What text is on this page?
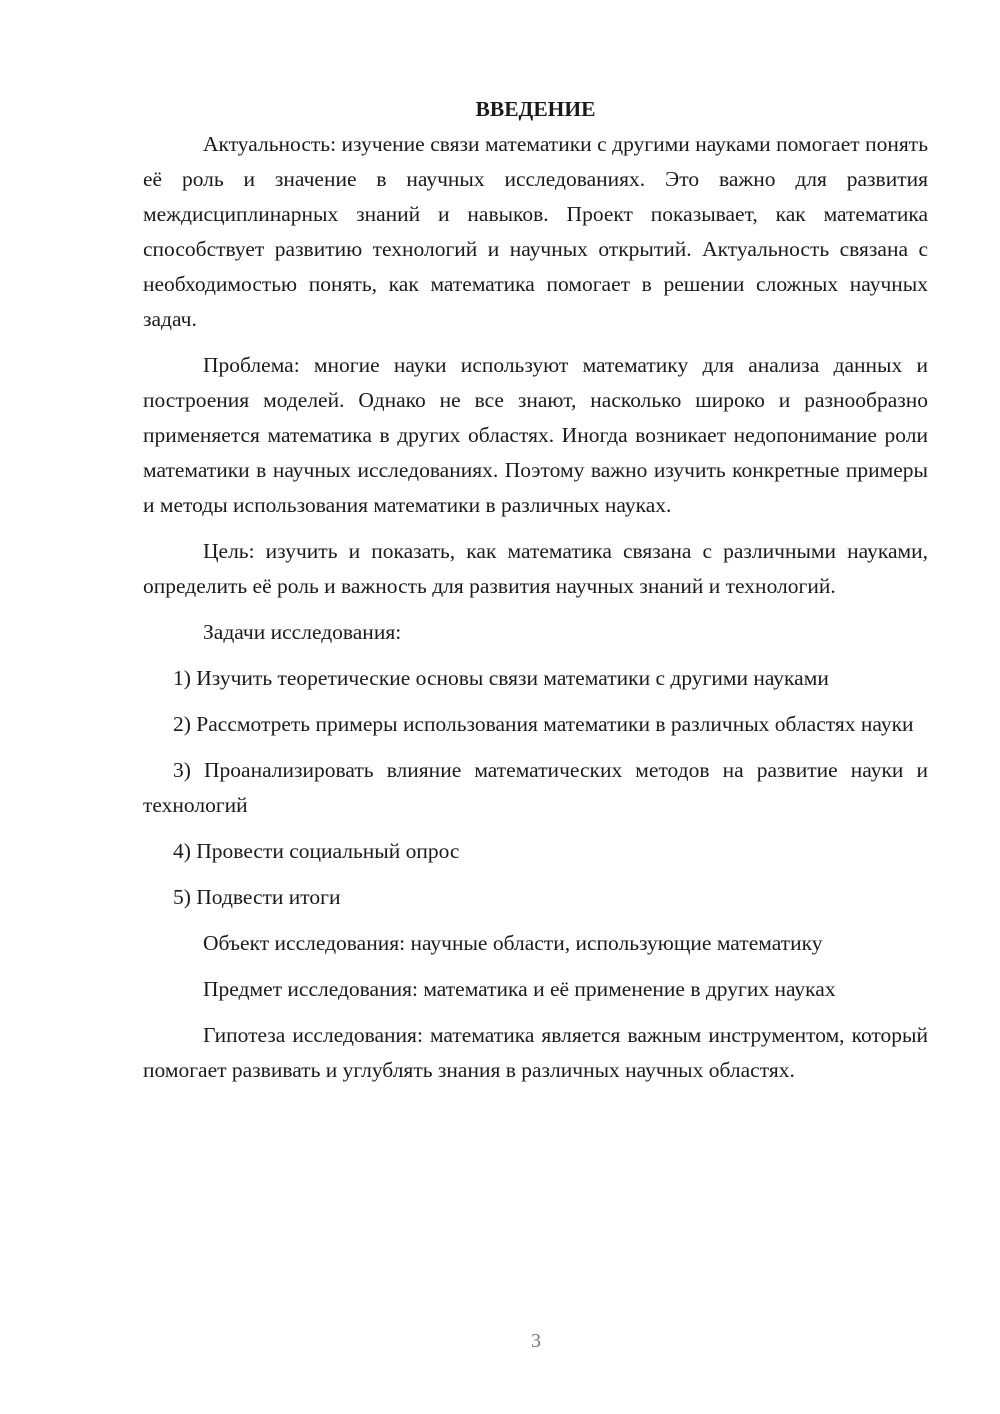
ВВЕДЕНИЕ

Актуальность: изучение связи математики с другими науками помогает понять её роль и значение в научных исследованиях. Это важно для развития междисциплинарных знаний и навыков. Проект показывает, как математика способствует развитию технологий и научных открытий. Актуальность связана с необходимостью понять, как математика помогает в решении сложных научных задач.

Проблема: многие науки используют математику для анализа данных и построения моделей. Однако не все знают, насколько широко и разнообразно применяется математика в других областях. Иногда возникает недопонимание роли математики в научных исследованиях. Поэтому важно изучить конкретные примеры и методы использования математики в различных науках.

Цель: изучить и показать, как математика связана с различными науками, определить её роль и важность для развития научных знаний и технологий.

Задачи исследования:

1) Изучить теоретические основы связи математики с другими науками

2) Рассмотреть примеры использования математики в различных областях науки

3) Проанализировать влияние математических методов на развитие науки и технологий

4) Провести социальный опрос

5) Подвести итоги

Объект исследования: научные области, использующие математику

Предмет исследования: математика и её применение в других науках

Гипотеза исследования: математика является важным инструментом, который помогает развивать и углублять знания в различных научных областях.

3
